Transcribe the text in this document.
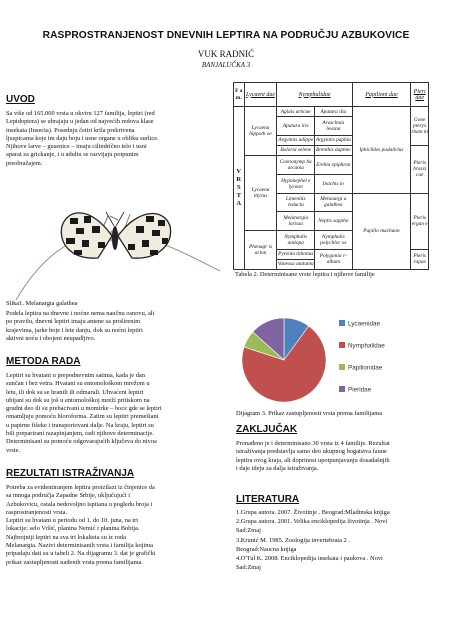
RASPROSTRANJENOST DNEVNIH LEPTIRA NA PODRUČJU AZBUKOVICE
VUK RADNIĆ
BANJALUČKA 3
UVOD
Sa više od 165.000 vrsta u okviru 127 familija, leptiri (red
Lepidoptera) se ubrajaju u jedan od najvećih redova klase
insekata (Insecta). Posednju četiri krila prekrivena
ljuspicama koje im daju boju i usne organe u obliku surlice.
Njihove larve – gusenice – imaju cilindrično telo i usni
aparat za grickanje, i u adultu se razvijaju potpunim
preobražajem.
Slika1. Melanargia galathea
Podela leptira na dnevne i noćne nema naučnu osnovu, ali
po pravilu, dnevni leptiri imaju antene sa proširenim
krajevima, jarke boje i lete danju, dok su noćni leptiri
aktivni noću i obojeni neupadljivo.
METODA RADA
Leptiri su hvatani u prepodnevnim satima, kada je dan
sunčan i bez vetra. Hvatani su entomološkom mrežom u
letu, ili dok su se hranili ili odmarali. Uhvaćeni leptiri
ubijani su dok su još u entomološkoj mreži pritiskom na
grudni deo ili su prebacivani u momirke – boce gde se leptiri
omamljuju pomoću hloroforma. Zatim su leptiri premeštani
u papirne fišeke i transportovani dalje. Na kraju, leptiri su
bili preparirani razapinjanjem, radi njihove determinacije.
Determinisani su pomoću odgovarajućih ključeva do nivoa
vrste.
REZULTATI ISTRAŽIVANJA
Potreba za evidentiranjem leptira proizilazi iz činjenice da
sa mnoga područja Zapadne Srbije, uključujući i
Azbukovicu, ostala nedovoljno ispitana u pogledu broja i
rasprostranjenosti vrsta.
Leptiri su hvatani u periodu od 1. do 10. juna, na tri
lokacije: selo Vršić, planina Nemić i planina Bobija.
Najbrojniji leptiri na sva tri lokalteta su iz roda
Melanargia. Nazivi determinisanih vrsta i familija kojima
pripadaju dati su u tabeli 2. Na dijagramu 3. dat je grafički
prikaz zastupljenosti nađenih vrsta prema familijama.
F a m.	Lycaeni dae	Nymphalidae		Papilioni dae	Pieri dae

V
R
S
T
A	Lycaena hippoth oe	Aglais urticae	Apatura ilia	Iphiclides podalirius	Gone pteryx rham ni
		Apatura iris	Araschnia levana		
		Argynnis adippe	Argynnis paphia		
		Boloria selene	Brenthis daphne		Pieris brassi cae
	Lycaena tityrus	Coenonymp ha arcania	Erebia epiphron		
		Hyponephel e lycaon	Inachis io		
		Limenitis reducta	Melanargi a galathea	Papilio machaon	Pieris ergan e
		Melanargia larissa	Neptis sappho		
	Phenagr is arion	Nymphalis antiopa	Nymphalis polychlor os		
		Pyronia tithonus	Polygonia c-album		Pieris rapae
		Vanessa atalanta			
Tabela 2. Determinisane vrste leptira i njihove familije
Lycaenidae
Nymphalidae
Papilionidae
Pieridae
Dijagram 3. Prikaz zastupljenosti vrsta prema familijama
ZAKLJUČAK
Pronađeno je i determinisano 30 vrsta iz 4 familije. Rezultat
istraživanja predstavlja samo deo ukupnog bogatstva faune
leptira ovog kraja, ali doprinosi upotpunjavanju dosadašnjih
i daje ideju za dalja istraživanja.
LITERATURA
1.Grupa autora. 2007. Životinje . Beograd:Mladinska knjiga
2.Grupa autora. 2001. Velika enciklopedija životinja . Novi
Sad:Zmaj
3.Krunić M. 1985. Zoologija invertebrata 2 .
Beograd:Naucna knjiga
4.O'Tul K. 2008. Enciklopedija insekata i paukova . Novi
Sad:Zmaj
